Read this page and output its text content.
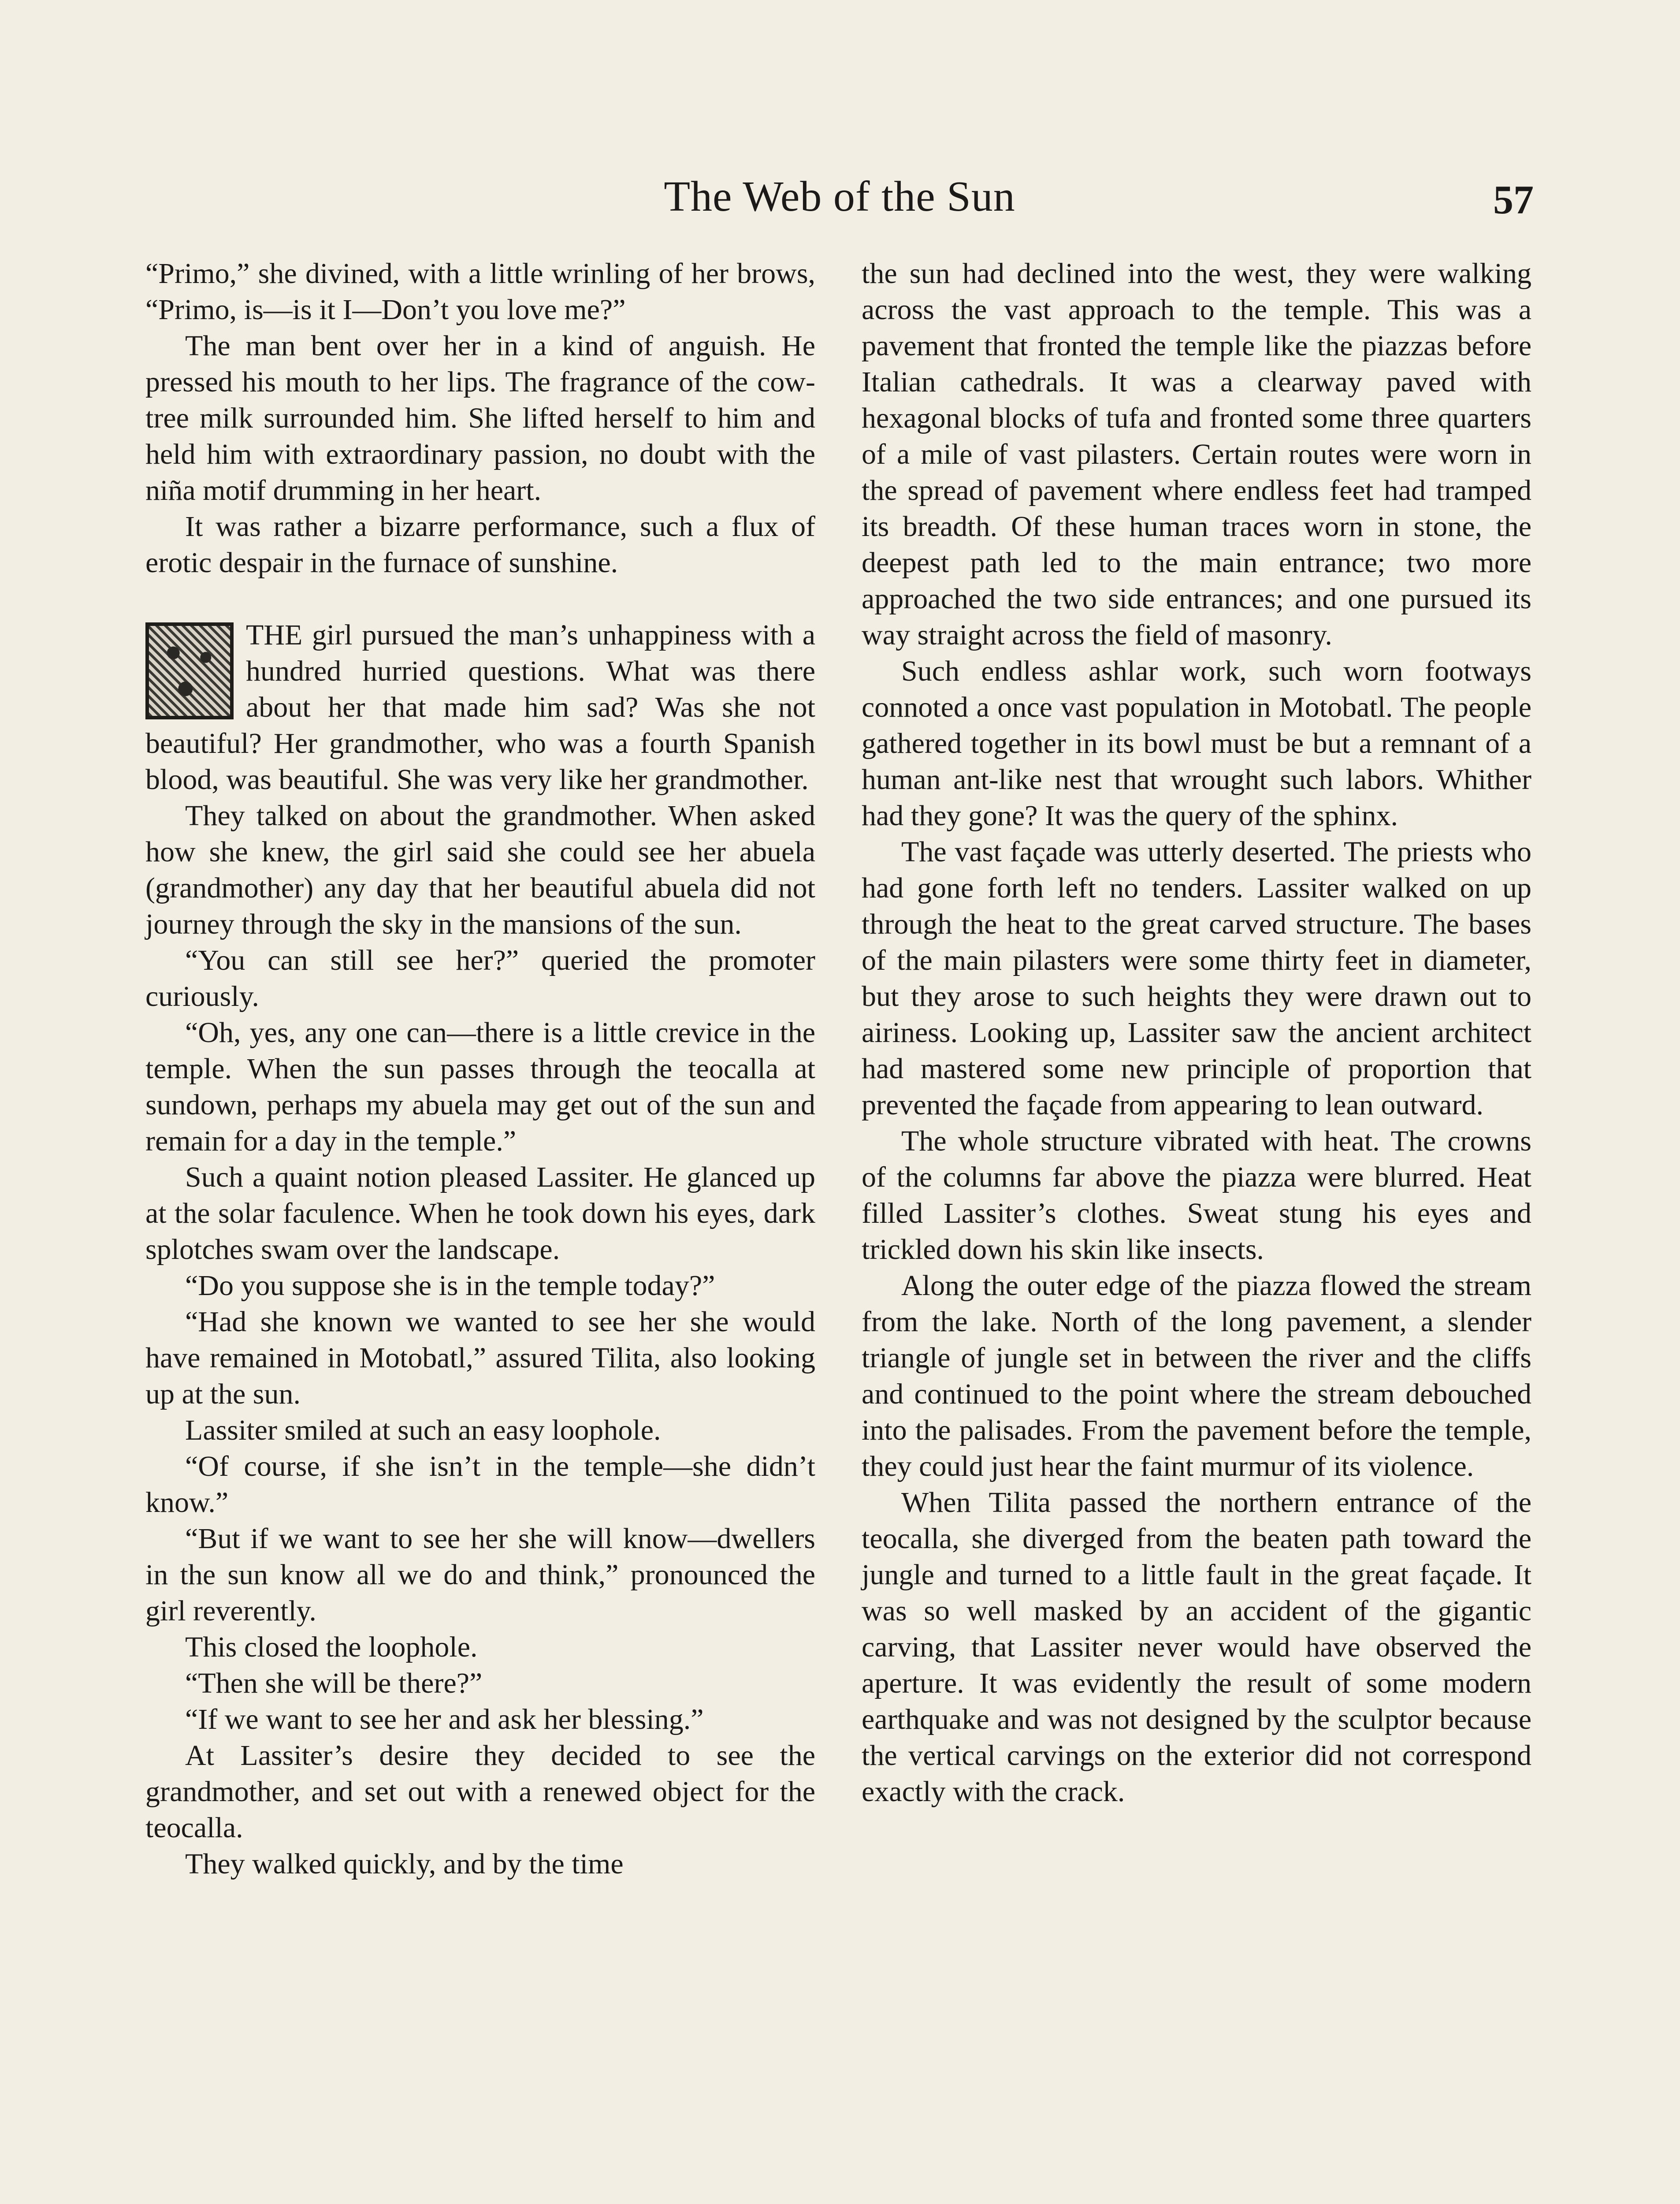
The Web of the Sun	57

“Primo,” she divined, with a little wrinling of her brows, “Primo, is—is it I—Don’t you love me?”

The man bent over her in a kind of anguish. He pressed his mouth to her lips. The fragrance of the cow-tree milk surrounded him. She lifted herself to him and held him with extraordinary passion, no doubt with the niña motif drumming in her heart.

It was rather a bizarre performance, such a flux of erotic despair in the furnace of sunshine.

THE girl pursued the man’s unhappiness with a hundred hurried questions. What was there about her that made him sad? Was she not beautiful? Her grandmother, who was a fourth Spanish blood, was beautiful. She was very like her grandmother.

They talked on about the grandmother. When asked how she knew, the girl said she could see her abuela (grandmother) any day that her beautiful abuela did not journey through the sky in the mansions of the sun.

“You can still see her?” queried the promoter curiously.

“Oh, yes, any one can—there is a little crevice in the temple. When the sun passes through the teocalla at sundown, perhaps my abuela may get out of the sun and remain for a day in the temple.”

Such a quaint notion pleased Lassiter. He glanced up at the solar faculence. When he took down his eyes, dark splotches swam over the landscape.

“Do you suppose she is in the temple today?”

“Had she known we wanted to see her she would have remained in Motobatl,” assured Tilita, also looking up at the sun.

Lassiter smiled at such an easy loophole.

“Of course, if she isn’t in the temple—she didn’t know.”

“But if we want to see her she will know—dwellers in the sun know all we do and think,” pronounced the girl reverently.

This closed the loophole.

“Then she will be there?”

“If we want to see her and ask her blessing.”

At Lassiter’s desire they decided to see the grandmother, and set out with a renewed object for the teocalla.

They walked quickly, and by the time

the sun had declined into the west, they were walking across the vast approach to the temple. This was a pavement that fronted the temple like the piazzas before Italian cathedrals. It was a clearway paved with hexagonal blocks of tufa and fronted some three quarters of a mile of vast pilasters. Certain routes were worn in the spread of pavement where endless feet had tramped its breadth. Of these human traces worn in stone, the deepest path led to the main entrance; two more approached the two side entrances; and one pursued its way straight across the field of masonry.

Such endless ashlar work, such worn footways connoted a once vast population in Motobatl. The people gathered together in its bowl must be but a remnant of a human ant-like nest that wrought such labors. Whither had they gone? It was the query of the sphinx.

The vast façade was utterly deserted. The priests who had gone forth left no tenders. Lassiter walked on up through the heat to the great carved structure. The bases of the main pilasters were some thirty feet in diameter, but they arose to such heights they were drawn out to airiness. Looking up, Lassiter saw the ancient architect had mastered some new principle of proportion that prevented the façade from appearing to lean outward.

The whole structure vibrated with heat. The crowns of the columns far above the piazza were blurred. Heat filled Lassiter’s clothes. Sweat stung his eyes and trickled down his skin like insects.

Along the outer edge of the piazza flowed the stream from the lake. North of the long pavement, a slender triangle of jungle set in between the river and the cliffs and continued to the point where the stream debouched into the palisades. From the pavement before the temple, they could just hear the faint murmur of its violence.

When Tilita passed the northern entrance of the teocalla, she diverged from the beaten path toward the jungle and turned to a little fault in the great façade. It was so well masked by an accident of the gigantic carving, that Lassiter never would have observed the aperture. It was evidently the result of some modern earthquake and was not designed by the sculptor because the vertical carvings on the exterior did not correspond exactly with the crack.
